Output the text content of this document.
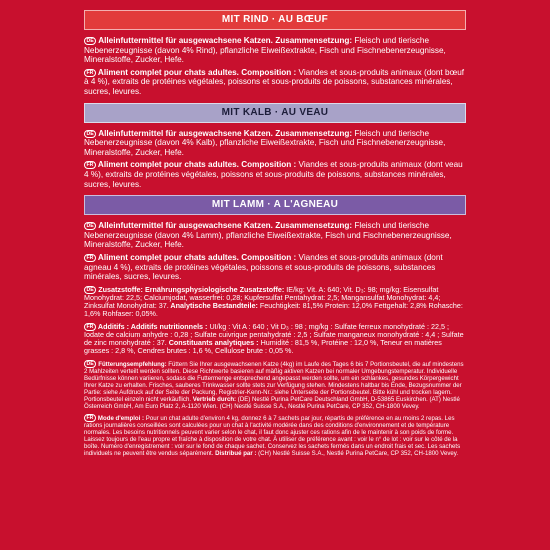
MIT RIND · AU BŒUF
DE Alleinfuttermittel für ausgewachsene Katzen. Zusammensetzung: Fleisch und tierische Nebenerzeugnisse (davon 4% Rind), pflanzliche Eiweißextrakte, Fisch und Fischnebenerzeugnisse, Mineralstoffe, Zucker, Hefe.
FR Aliment complet pour chats adultes. Composition : Viandes et sous-produits animaux (dont bœuf à 4 %), extraits de protéines végétales, poissons et sous-produits de poissons, substances minérales, sucres, levures.
MIT KALB · AU VEAU
DE Alleinfuttermittel für ausgewachsene Katzen. Zusammensetzung: Fleisch und tierische Nebenerzeugnisse (davon 4% Kalb), pflanzliche Eiweißextrakte, Fisch und Fischnebenerzeugnisse, Mineralstoffe, Zucker, Hefe.
FR Aliment complet pour chats adultes. Composition : Viandes et sous-produits animaux (dont veau 4 %), extraits de protéines végétales, poissons et sous-produits de poissons, substances minérales, sucres, levures.
MIT LAMM · A L'AGNEAU
DE Alleinfuttermittel für ausgewachsene Katzen. Zusammensetzung: Fleisch und tierische Nebenerzeugnisse (davon 4% Lamm), pflanzliche Eiweißextrakte, Fisch und Fischnebenerzeugnisse, Mineralstoffe, Zucker, Hefe.
FR Aliment complet pour chats adultes. Composition : Viandes et sous-produits animaux (dont agneau 4 %), extraits de protéines végétales, poissons et sous-produits de poissons, substances minérales, sucres, levures.
DE Zusatzstoffe: Ernährungsphysiologische Zusatzstoffe: IE/kg: Vit. A: 640; Vit. D₃: 98; mg/kg: Eisensulfat Monohydrat: 22,5; Calciumjodat, wasserfrei: 0,28; Kupfersulfat Pentahydrat: 2,5; Mangansulfat Monohydrat: 4,4; Zinksulfat Monohydrat: 37. Analytische Bestandteile: Feuchtigkeit: 81,5% Protein: 12,0% Fettgehalt: 2,8% Rohasche: 1,6% Rohfaser: 0,05%.
FR Additifs : Additifs nutritionnels : UI/kg : Vit A : 640 ; Vit D₃ : 98 ; mg/kg : Sulfate ferreux monohydraté : 22,5 ; Iodate de calcium anhydre : 0,28 ; Sulfate cuivrique pentahydraté : 2,5 ; Sulfate manganeux monohydraté : 4,4 ; Sulfate de zinc monohydraté : 37. Constituants analytiques : Humidité : 81,5 %, Protéine : 12,0 %, Teneur en matières grasses : 2,8 %, Cendres brutes : 1,6 %, Cellulose brute : 0,05 %.
DE Fütterungsempfehlung: Füttern Sie Ihrer ausgewachsenen Katze (4kg) im Laufe des Tages 6 bis 7 Portionsbeutel, die auf mindestens 2 Mahlzeiten verteilt werden sollten. Diese Richtwerte basieren auf mäßig aktiven Katzen bei normaler Umgebungstemperatur. Individuelle Bedürfnisse können variieren, sodass die Futtermenge entsprechend angepasst werden sollte, um ein schlankes, gesundes Körpergewicht Ihrer Katze zu erhalten. Frisches, sauberes Trinkwasser sollte stets zur Verfügung stehen. Mindestens haltbar bis Ende, Bezugsnummer der Partie: siehe Aufdruck auf der Seite der Packung, Registrier-Kenn-Nr.: siehe Unterseite der Portionsbeutel. Bitte kühl und trocken lagern. Portionsbeutel einzeln nicht verkäuflich. Vertrieb durch: (DE) Nestlé Purina PetCare Deutschland GmbH, D-53865 Euskirchen. (AT) Nestlé Österreich GmbH, Am Euro Platz 2, A-1120 Wien. (CH) Nestlé Suisse S.A., Nestlé Purina PetCare, CP 352, CH-1800 Vevey.
FR Mode d'emploi : Pour un chat adulte d'environ 4 kg, donnez 6 à 7 sachets par jour, répartis de préférence en au moins 2 repas. Les rations journalières conseillées sont calculées pour un chat à l'activité modérée dans des conditions d'environnement et de température normales. Les besoins nutritionnels peuvent varier selon le chat, il faut donc ajuster ces rations afin de le maintenir à son poids de forme. Laissez toujours de l'eau propre et fraîche à disposition de votre chat. À utiliser de préférence avant : voir le n° de lot : voir sur le côté de la boîte. Numéro d'enregistrement : voir sur le fond de chaque sachet. Conservez les sachets fermés dans un endroit frais et sec. Les sachets individuels ne peuvent être vendus séparément. Distribué par : (CH) Nestlé Suisse S.A., Nestlé Purina PetCare, CP 352, CH-1800 Vevey.
